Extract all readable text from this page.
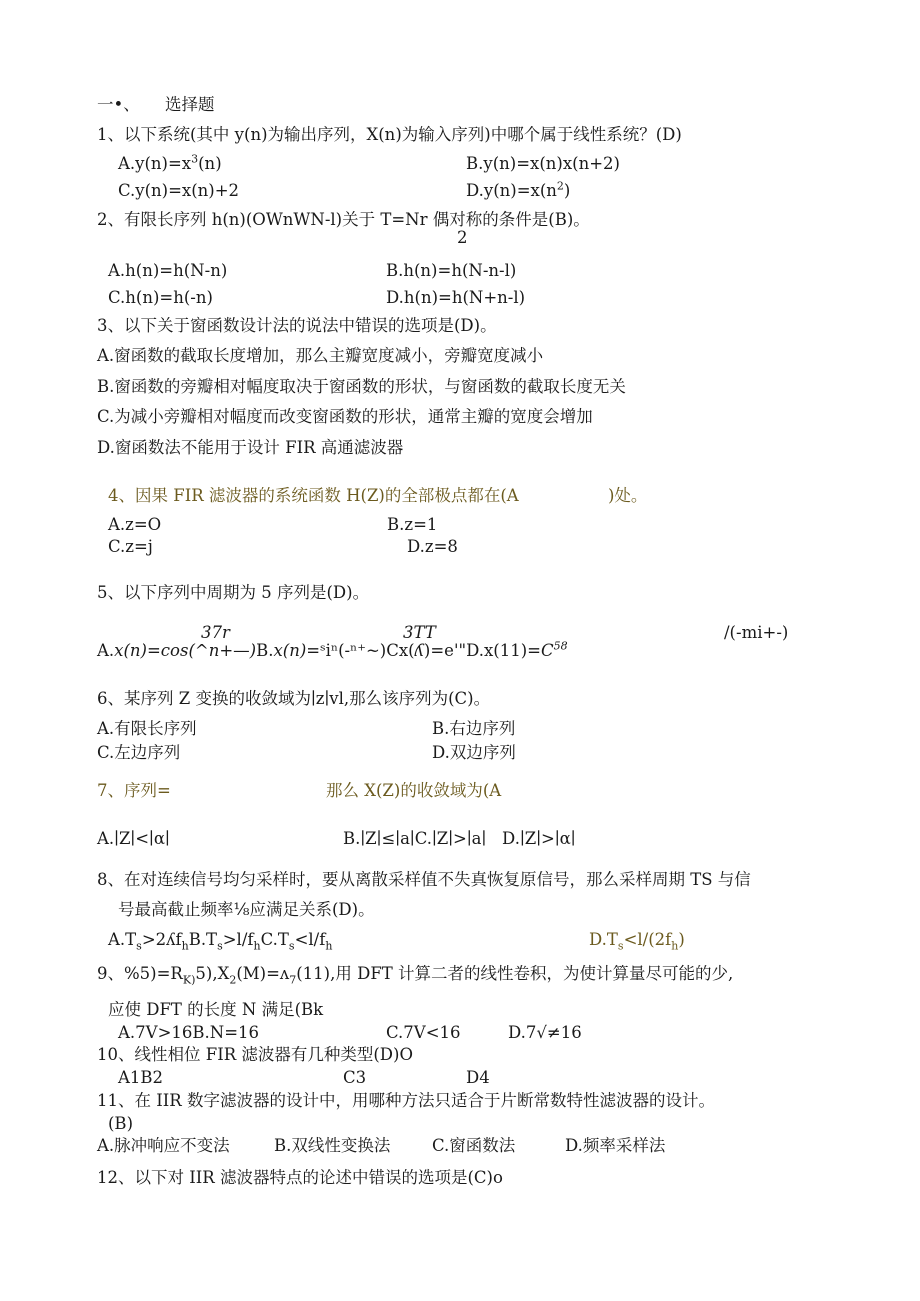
一•、 选择题
1、以下系统(其中 y(n)为输出序列，X(n)为输入序列)中哪个属于线性系统？(D)
$A.y(n)=x^3(n)$	B.y(n)=x(n)x(n+2)
C.y(n)=x(n)+2	$D.y(n)=x(n^2)$
2、有限长序列 h(n)(OWnWN-l)关于 T=Nr 偶对称的条件是(B)。
2
A.h(n)=h(N-n)	B.h(n)=h(N-n-l)
C.h(n)=h(-n)	D.h(n)=h(N+n-l)
3、以下关于窗函数设计法的说法中错误的选项是(D)。
A.窗函数的截取长度增加，那么主瓣宽度减小，旁瓣宽度减小
B.窗函数的旁瓣相对幅度取决于窗函数的形状，与窗函数的截取长度无关
C.为减小旁瓣相对幅度而改变窗函数的形状，通常主瓣的宽度会增加
D.窗函数法不能用于设计 FIR 高通滤波器
4、因果 FIR 滤波器的系统函数 H(Z)的全部极点都在(A	)处。
A.z=O	B.z=1
C.z=j	D.z=8
5、以下序列中周期为 5 序列是(D)。
37r	3TT	/(-mi+-)
$A.x(n)=\cos(\^{}n+—)B.x(n)=ˢi^n(-^{n+}\sim)Cx(ʎ)=e'"D.x(11)=C^{58}$
6、某序列 Z 变换的收敛域为∣z∣vl,那么该序列为(C)。
A.有限长序列	B.右边序列
C.左边序列	D.双边序列
7、序列=	那么 X(Z)的收敛域为(A
A.∣Z∣<∣α∣	B.∣Z∣≤∣a∣C.∣Z∣>∣a∣   D.∣Z∣>∣α∣
8、在对连续信号均匀采样时，要从离散采样值不失真恢复原信号，那么采样周期 TS 与信
号最高截止频率⅛应满足关系(D)。
$A.T_s>2ʎf_hB.T_s>l/f_hC.T_s<l/f_h$	$D.T_s<l/(2f_h)$
9、$\%5)=R_{K)}5),X_2(M)=ʌ_7(11)$,用 DFT 计算二者的线性卷积，为使计算量尽可能的少,
应使 DFT 的长度 N 满足(Bk
A.7V>16B.N=16	C.7V<16	D.7√≠16
10、线性相位 FIR 滤波器有几种类型(D)O
A1B2	C3	D4
11、在 IIR 数字滤波器的设计中，用哪种方法只适合于片断常数特性滤波器的设计。
(B)
A.脉冲响应不变法	B.双线性变换法	C.窗函数法	D.频率采样法
12、以下对 IIR 滤波器特点的论述中错误的选项是(C)o
